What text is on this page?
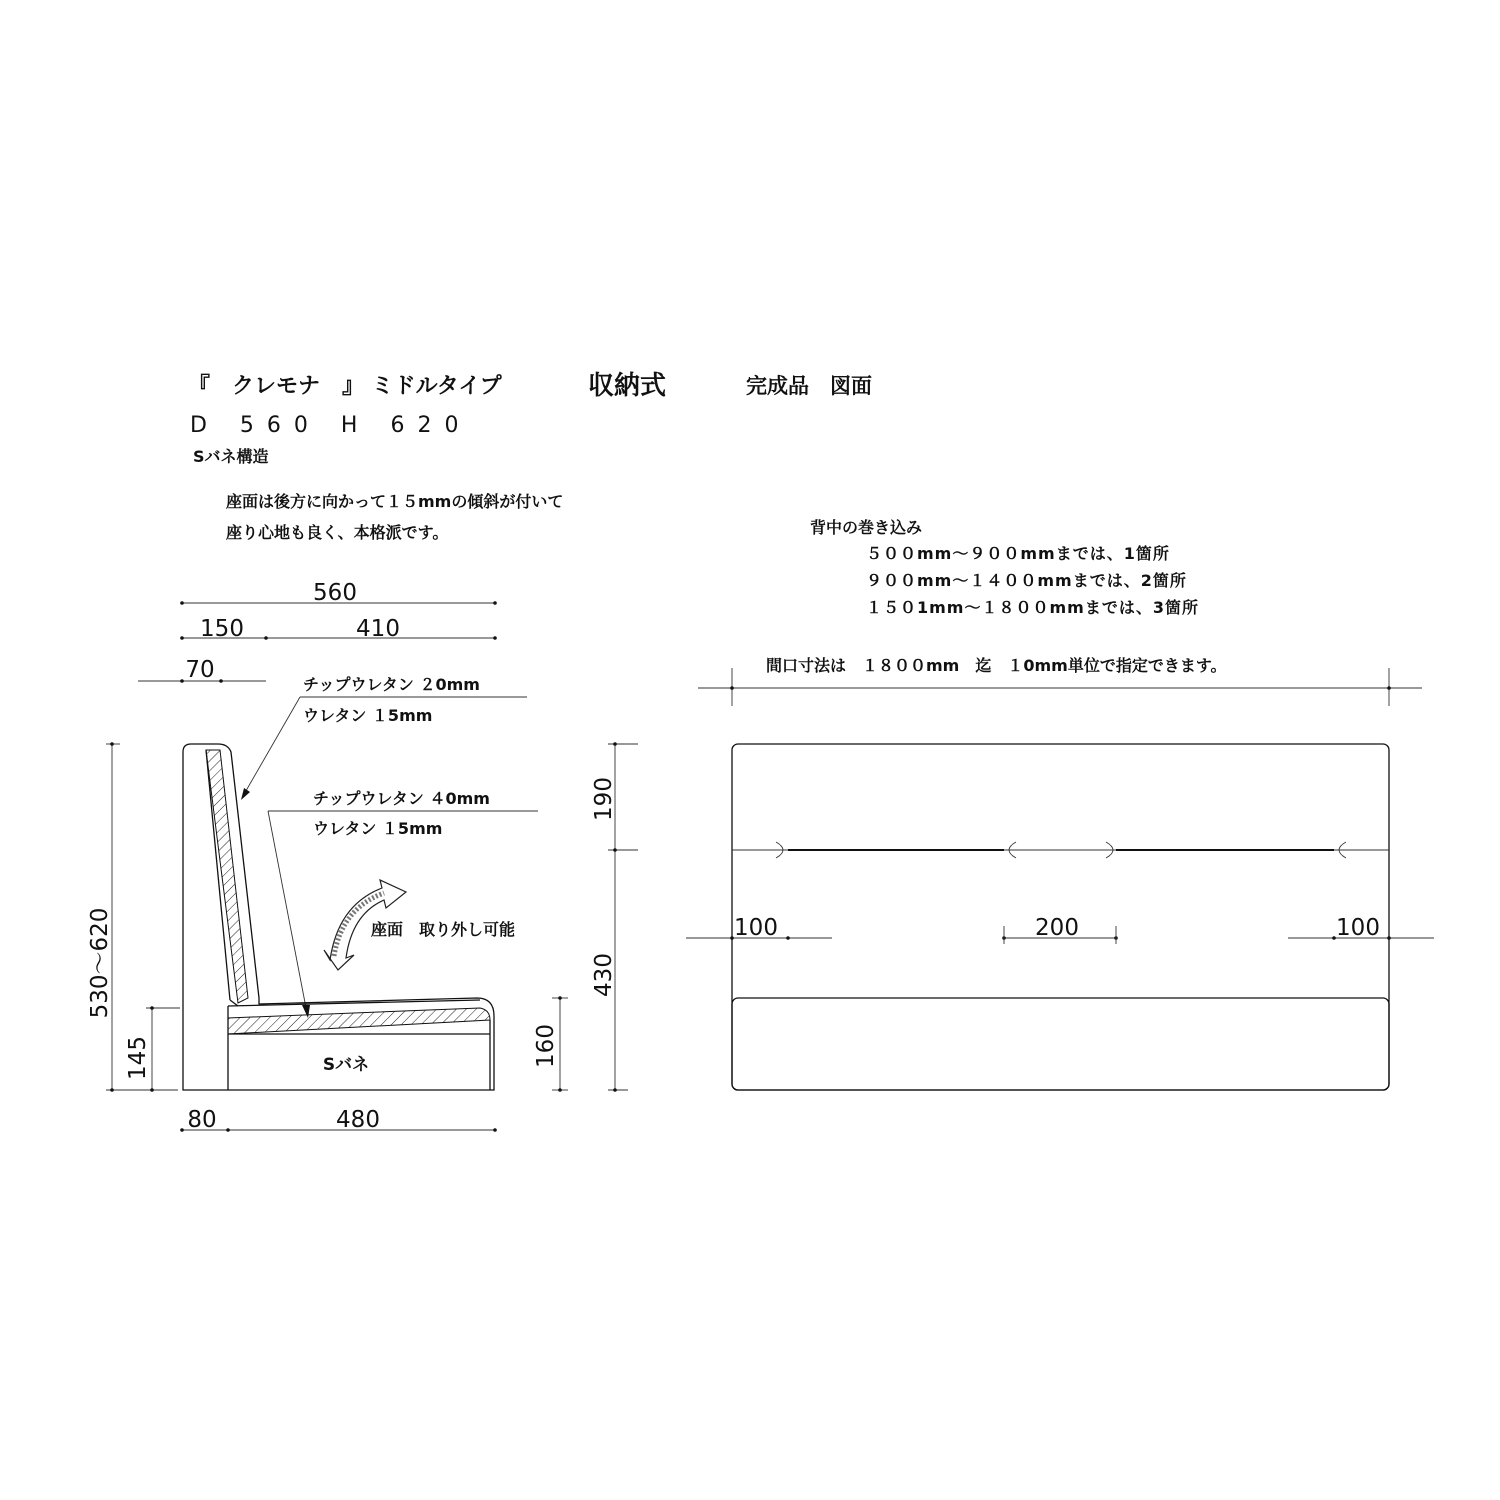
『　クレモナ　』 ミドルタイプ	収納式	完成品　図面
D 560 H 620
Sバネ構造
座面は後方に向かって１５mmの傾斜が付いて
座り心地も良く、本格派です。
560
150	410
70
チップウレタン ２0mm
ウレタン １5mm
チップウレタン ４0mm
ウレタン １5mm
座面　取り外し可能
Sバネ
80	480
530～620
145	160
190
430
背中の巻き込み
５００mm～９００mmまでは、1箇所
９００mm～１４００mmまでは、2箇所
１５０1mm～１８００mmまでは、3箇所
間口寸法は　１８００mm　迄　１0mm単位で指定できます。
100	200	100
